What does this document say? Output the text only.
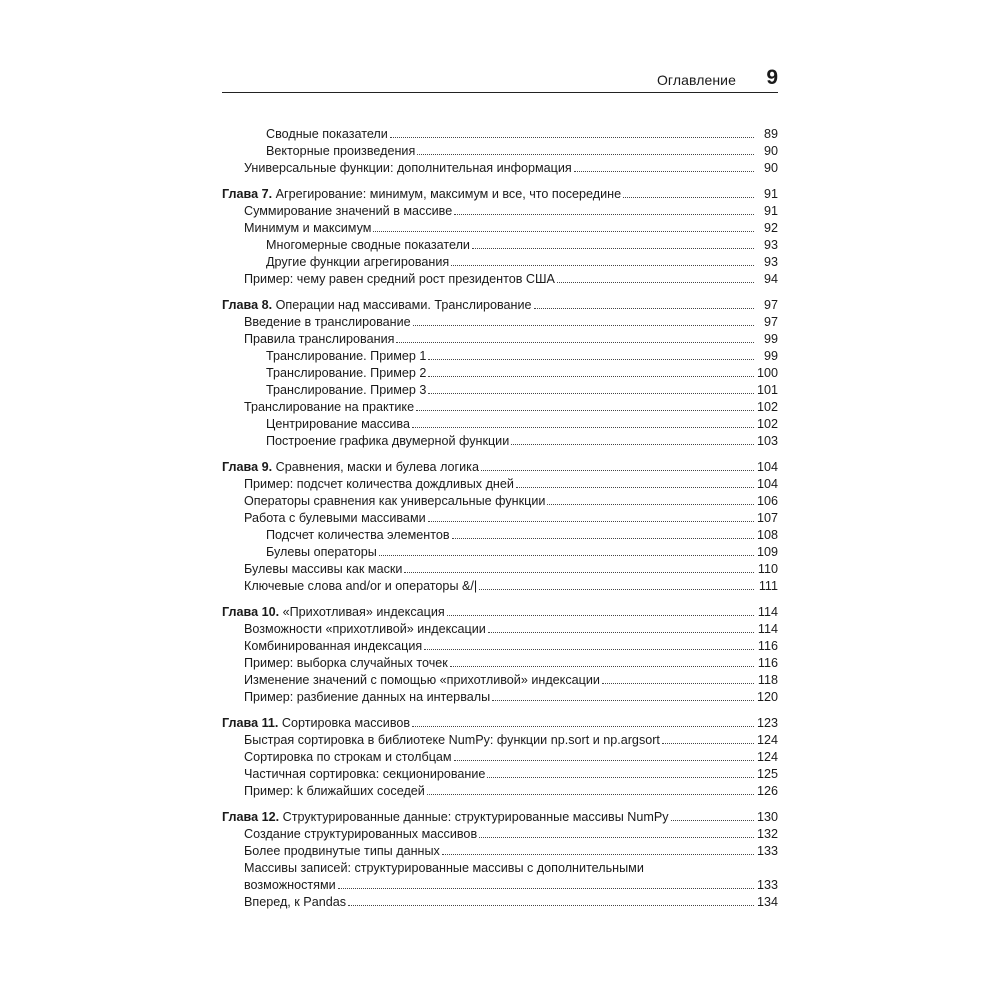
Оглавление 9
Сводные показатели	89
Векторные произведения	90
Универсальные функции: дополнительная информация	90
Глава 7. Агрегирование: минимум, максимум и все, что посередине	91
Суммирование значений в массиве	91
Минимум и максимум	92
Многомерные сводные показатели	93
Другие функции агрегирования	93
Пример: чему равен средний рост президентов США	94
Глава 8. Операции над массивами. Транслирование	97
Введение в транслирование	97
Правила транслирования	99
Транслирование. Пример 1	99
Транслирование. Пример 2	100
Транслирование. Пример 3	101
Транслирование на практике	102
Центрирование массива	102
Построение графика двумерной функции	103
Глава 9. Сравнения, маски и булева логика	104
Пример: подсчет количества дождливых дней	104
Операторы сравнения как универсальные функции	106
Работа с булевыми массивами	107
Подсчет количества элементов	108
Булевы операторы	109
Булевы массивы как маски	110
Ключевые слова and/or и операторы &/|	111
Глава 10. «Прихотливая» индексация	114
Возможности «прихотливой» индексации	114
Комбинированная индексация	116
Пример: выборка случайных точек	116
Изменение значений с помощью «прихотливой» индексации	118
Пример: разбиение данных на интервалы	120
Глава 11. Сортировка массивов	123
Быстрая сортировка в библиотеке NumPy: функции np.sort и np.argsort	124
Сортировка по строкам и столбцам	124
Частичная сортировка: секционирование	125
Пример: k ближайших соседей	126
Глава 12. Структурированные данные: структурированные массивы NumPy	130
Создание структурированных массивов	132
Более продвинутые типы данных	133
Массивы записей: структурированные массивы с дополнительными
возможностями	133
Вперед, к Pandas	134
